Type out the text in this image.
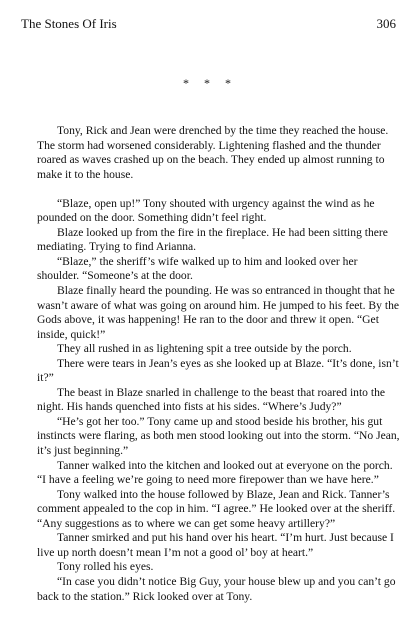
The Stones Of Iris	306
* * *

Tony, Rick and Jean were drenched by the time they reached the house. The storm had worsened considerably. Lightening flashed and the thunder roared as waves crashed up on the beach. They ended up almost running to make it to the house.

“Blaze, open up!” Tony shouted with urgency against the wind as he pounded on the door. Something didn’t feel right.

Blaze looked up from the fire in the fireplace. He had been sitting there mediating. Trying to find Arianna.

“Blaze,” the sheriff’s wife walked up to him and looked over her shoulder. “Someone’s at the door.

Blaze finally heard the pounding. He was so entranced in thought that he wasn’t aware of what was going on around him. He jumped to his feet. By the Gods above, it was happening! He ran to the door and threw it open. “Get inside, quick!”

They all rushed in as lightening spit a tree outside by the porch.

There were tears in Jean’s eyes as she looked up at Blaze. “It’s done, isn’t it?”

The beast in Blaze snarled in challenge to the beast that roared into the night. His hands quenched into fists at his sides. “Where’s Judy?”

“He’s got her too.” Tony came up and stood beside his brother, his gut instincts were flaring, as both men stood looking out into the storm. “No Jean, it’s just beginning.”

Tanner walked into the kitchen and looked out at everyone on the porch. “I have a feeling we’re going to need more firepower than we have here.”

Tony walked into the house followed by Blaze, Jean and Rick. Tanner’s comment appealed to the cop in him. “I agree.” He looked over at the sheriff. “Any suggestions as to where we can get some heavy artillery?”

Tanner smirked and put his hand over his heart. “I’m hurt. Just because I live up north doesn’t mean I’m not a good ol’ boy at heart.”

Tony rolled his eyes.

“In case you didn’t notice Big Guy, your house blew up and you can’t go back to the station.” Rick looked over at Tony.
